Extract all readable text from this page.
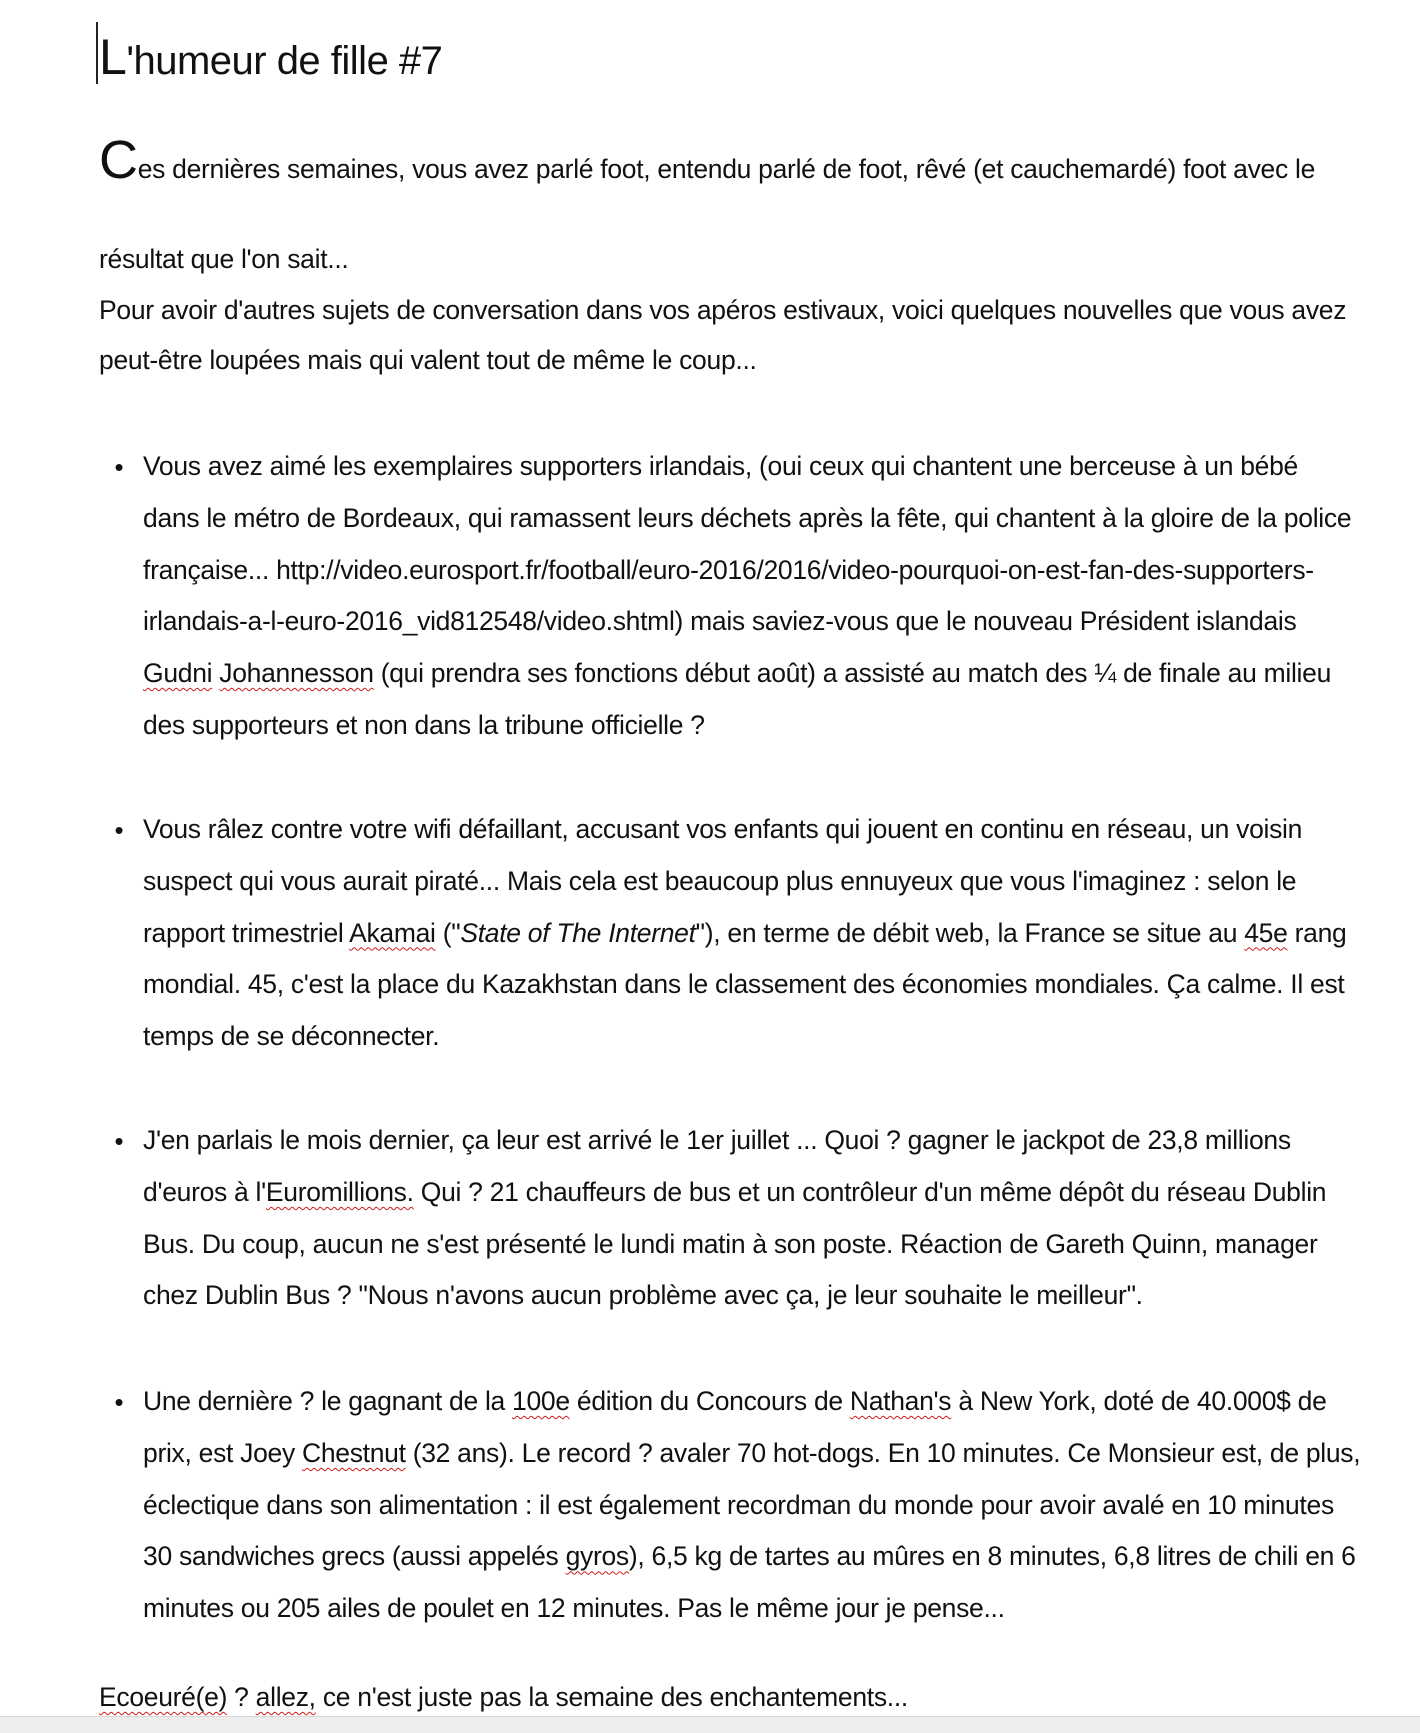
L'humeur de fille #7

Ces dernières semaines, vous avez parlé foot, entendu parlé de foot, rêvé (et cauchemardé) foot avec le

résultat que l'on sait...

Pour avoir d'autres sujets de conversation dans vos apéros estivaux, voici quelques nouvelles que vous avez

peut-être loupées mais qui valent tout de même le coup...

• Vous avez aimé les exemplaires supporters irlandais, (oui ceux qui chantent une berceuse à un bébé
dans le métro de Bordeaux, qui ramassent leurs déchets après la fête, qui chantent à la gloire de la police
française... http://video.eurosport.fr/football/euro-2016/2016/video-pourquoi-on-est-fan-des-supporters-
irlandais-a-l-euro-2016_vid812548/video.shtml) mais saviez-vous que le nouveau Président islandais
Gudni Johannesson (qui prendra ses fonctions début août) a assisté au match des ¼ de finale au milieu
des supporteurs et non dans la tribune officielle ?
• Vous râlez contre votre wifi défaillant, accusant vos enfants qui jouent en continu en réseau, un voisin
suspect qui vous aurait piraté... Mais cela est beaucoup plus ennuyeux que vous l'imaginez : selon le
rapport trimestriel Akamai ("State of The Internet"), en terme de débit web, la France se situe au 45e rang
mondial. 45, c'est la place du Kazakhstan dans le classement des économies mondiales. Ça calme. Il est
temps de se déconnecter.
• J'en parlais le mois dernier, ça leur est arrivé le 1er juillet ... Quoi ? gagner le jackpot de 23,8 millions
d'euros à l'Euromillions. Qui ? 21 chauffeurs de bus et un contrôleur d'un même dépôt du réseau Dublin
Bus. Du coup, aucun ne s'est présenté le lundi matin à son poste. Réaction de Gareth Quinn, manager
chez Dublin Bus ? "Nous n'avons aucun problème avec ça, je leur souhaite le meilleur".
• Une dernière ? le gagnant de la 100e édition du Concours de Nathan's à New York, doté de 40.000$ de
prix, est Joey Chestnut (32 ans). Le record ? avaler 70 hot-dogs. En 10 minutes. Ce Monsieur est, de plus,
éclectique dans son alimentation : il est également recordman du monde pour avoir avalé en 10 minutes
30 sandwiches grecs (aussi appelés gyros), 6,5 kg de tartes au mûres en 8 minutes, 6,8 litres de chili en 6
minutes ou 205 ailes de poulet en 12 minutes. Pas le même jour je pense...

Ecoeuré(e) ? allez, ce n'est juste pas la semaine des enchantements...
